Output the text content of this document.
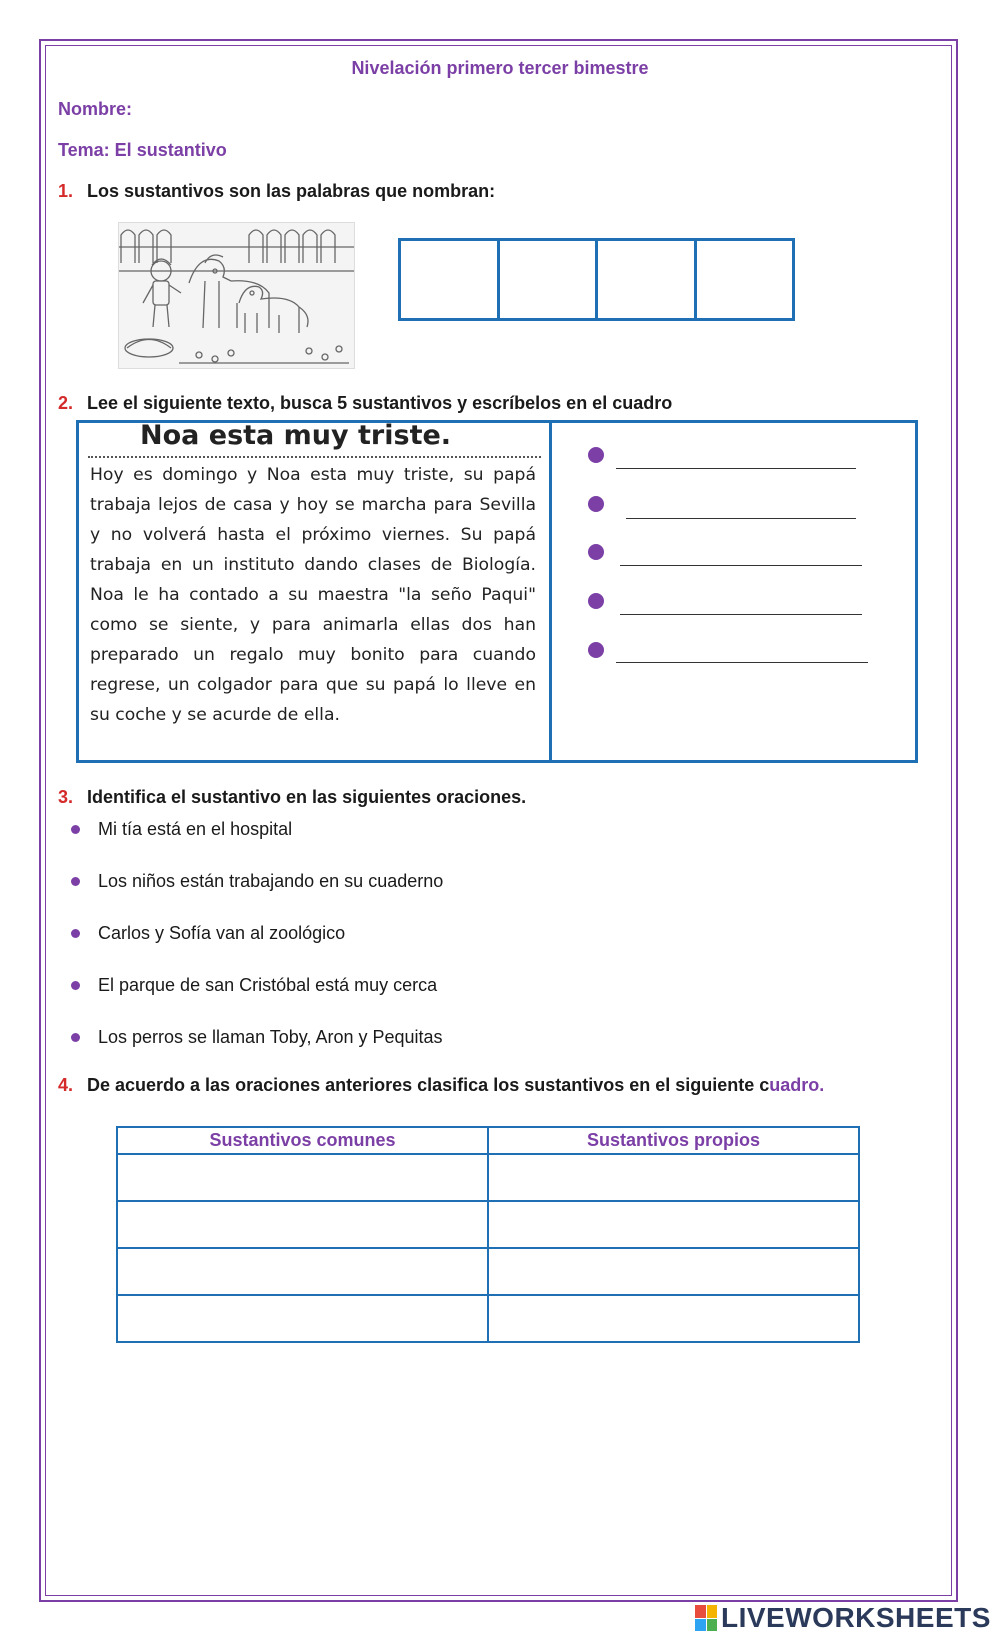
Nivelación primero tercer bimestre
Nombre:
Tema: El sustantivo
1. Los sustantivos son las palabras que nombran:
2. Lee el siguiente texto, busca 5 sustantivos y escríbelos en el cuadro
Noa esta muy triste.

Hoy es domingo y Noa esta muy triste, su papá trabaja lejos de casa y hoy se marcha para Sevilla y no volverá hasta el próximo viernes. Su papá trabaja en un instituto dando clases de Biología. Noa le ha contado a su maestra "la seño Paqui" como se siente, y para animarla ellas dos han preparado un regalo muy bonito para cuando regrese, un colgador para que su papá lo lleve en su coche y se acurde de ella.

3. Identifica el sustantivo en las siguientes oraciones.
Mi tía está en el hospital
Los niños están trabajando en su cuaderno
Carlos y Sofía van al zoológico
El parque de san Cristóbal está muy cerca
Los perros se llaman Toby, Aron y Pequitas
4. De acuerdo a las oraciones anteriores clasifica los sustantivos en el siguiente cuadro.
Sustantivos comunes	Sustantivos propios

LIVEWORKSHEETS
